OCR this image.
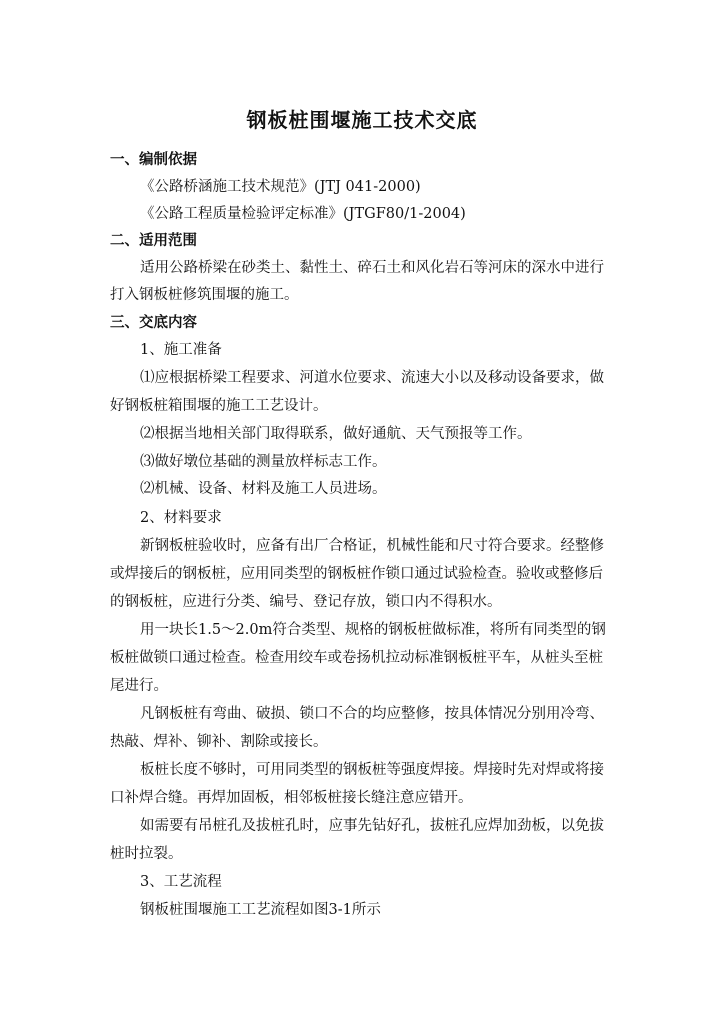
钢板桩围堰施工技术交底
一、编制依据
《公路桥涵施工技术规范》(JTJ 041-2000)
《公路工程质量检验评定标准》(JTGF80/1-2004)
二、适用范围
适用公路桥梁在砂类土、黏性土、碎石土和风化岩石等河床的深水中进行
打入钢板桩修筑围堰的施工。
三、交底内容
1、施工准备
⑴应根据桥梁工程要求、河道水位要求、流速大小以及移动设备要求，做
好钢板桩箱围堰的施工工艺设计。
⑵根据当地相关部门取得联系，做好通航、天气预报等工作。
⑶做好墩位基础的测量放样标志工作。
⑵机械、设备、材料及施工人员进场。
2、材料要求
新钢板桩验收时，应备有出厂合格证，机械性能和尺寸符合要求。经整修
或焊接后的钢板桩，应用同类型的钢板桩作锁口通过试验检查。验收或整修后
的钢板桩，应进行分类、编号、登记存放，锁口内不得积水。
用一块长1.5～2.0m符合类型、规格的钢板桩做标准，将所有同类型的钢
板桩做锁口通过检查。检查用绞车或卷扬机拉动标准钢板桩平车，从桩头至桩
尾进行。
凡钢板桩有弯曲、破损、锁口不合的均应整修，按具体情况分别用冷弯、
热敲、焊补、铆补、割除或接长。
板桩长度不够时，可用同类型的钢板桩等强度焊接。焊接时先对焊或将接
口补焊合缝。再焊加固板，相邻板桩接长缝注意应错开。
如需要有吊桩孔及拔桩孔时，应事先钻好孔，拔桩孔应焊加劲板，以免拔
桩时拉裂。
3、工艺流程
钢板桩围堰施工工艺流程如图3-1所示
